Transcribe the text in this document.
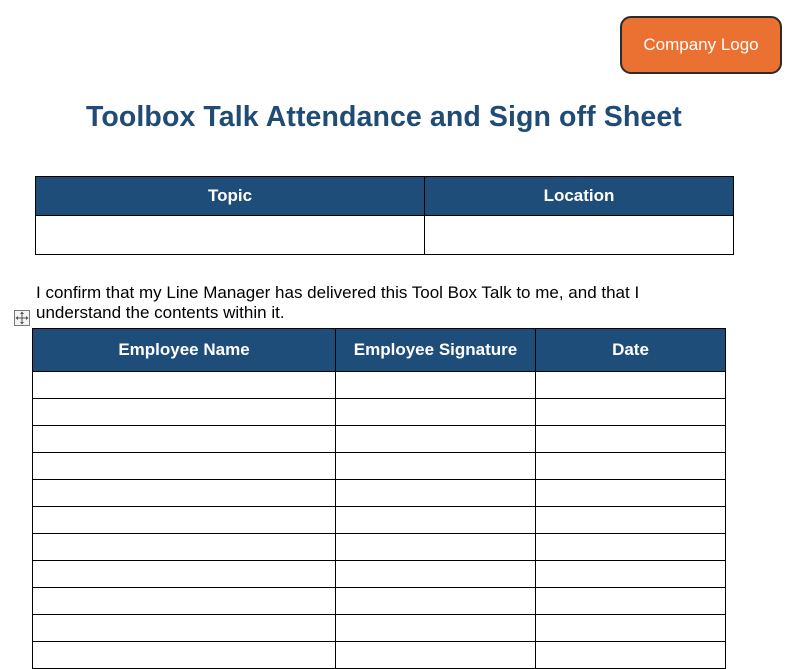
Company Logo
Toolbox Talk Attendance and Sign off Sheet
Topic	Location

I confirm that my Line Manager has delivered this Tool Box Talk to me, and that I understand the contents within it.

Employee Name	Employee Signature	Date
